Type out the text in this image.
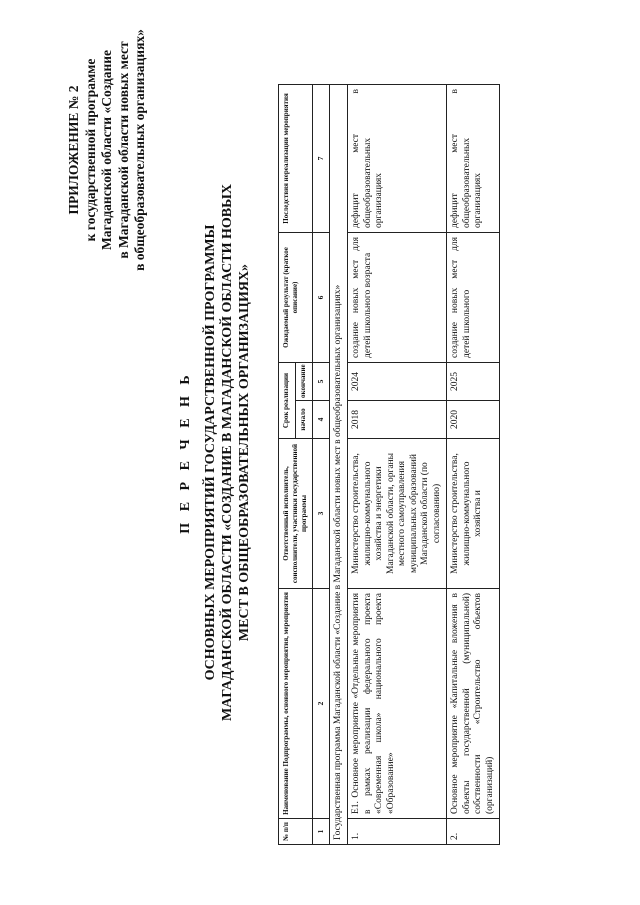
ПРИЛОЖЕНИЕ № 2 к государственной программе Магаданской области «Создание в Магаданской области новых мест в общеобразовательных организациях»
П Е Р Е Ч Е Н Ь ОСНОВНЫХ МЕРОПРИЯТИЙ ГОСУДАРСТВЕННОЙ ПРОГРАММЫ МАГАДАНСКОЙ ОБЛАСТИ «СОЗДАНИЕ В МАГАДАНСКОЙ ОБЛАСТИ НОВЫХ МЕСТ В ОБЩЕОБРАЗОВАТЕЛЬНЫХ ОРГАНИЗАЦИЯХ»
№ п/п	Наименование Подпрограммы, основного мероприятия, мероприятия	Ответственный исполнитель, соисполнители, участники государственной программы	Срок реализации		Ожидаемый результат (краткое описание)	Последствия нереализации мероприятия
			начало	окончание		
1	2	3	4	5	6	7
Государственная программа Магаданской области «Создание в Магаданской области новых мест в общеобразовательных организациях»						
1.	Е1. Основное мероприятие «Отдельные мероприятия в рамках реализации федерального проекта «Современная школа» национального проекта «Образование»	Министерство строительства, жилищно-коммунального хозяйства и энергетики Магаданской области, органы местного самоуправления муниципальных образований Магаданской области (по согласованию)	2018	2024	создание новых мест для детей школьного возраста	дефицит мест в общеобразовательных организациях
2.	Основное мероприятие «Капитальные вложения в объекты государственной (муниципальной) собственности «Строительство объектов (организаций)	Министерство строительства, жилищно-коммунального хозяйства и	2020	2025	создание новых мест для детей школьного	дефицит мест в общеобразовательных организациях
